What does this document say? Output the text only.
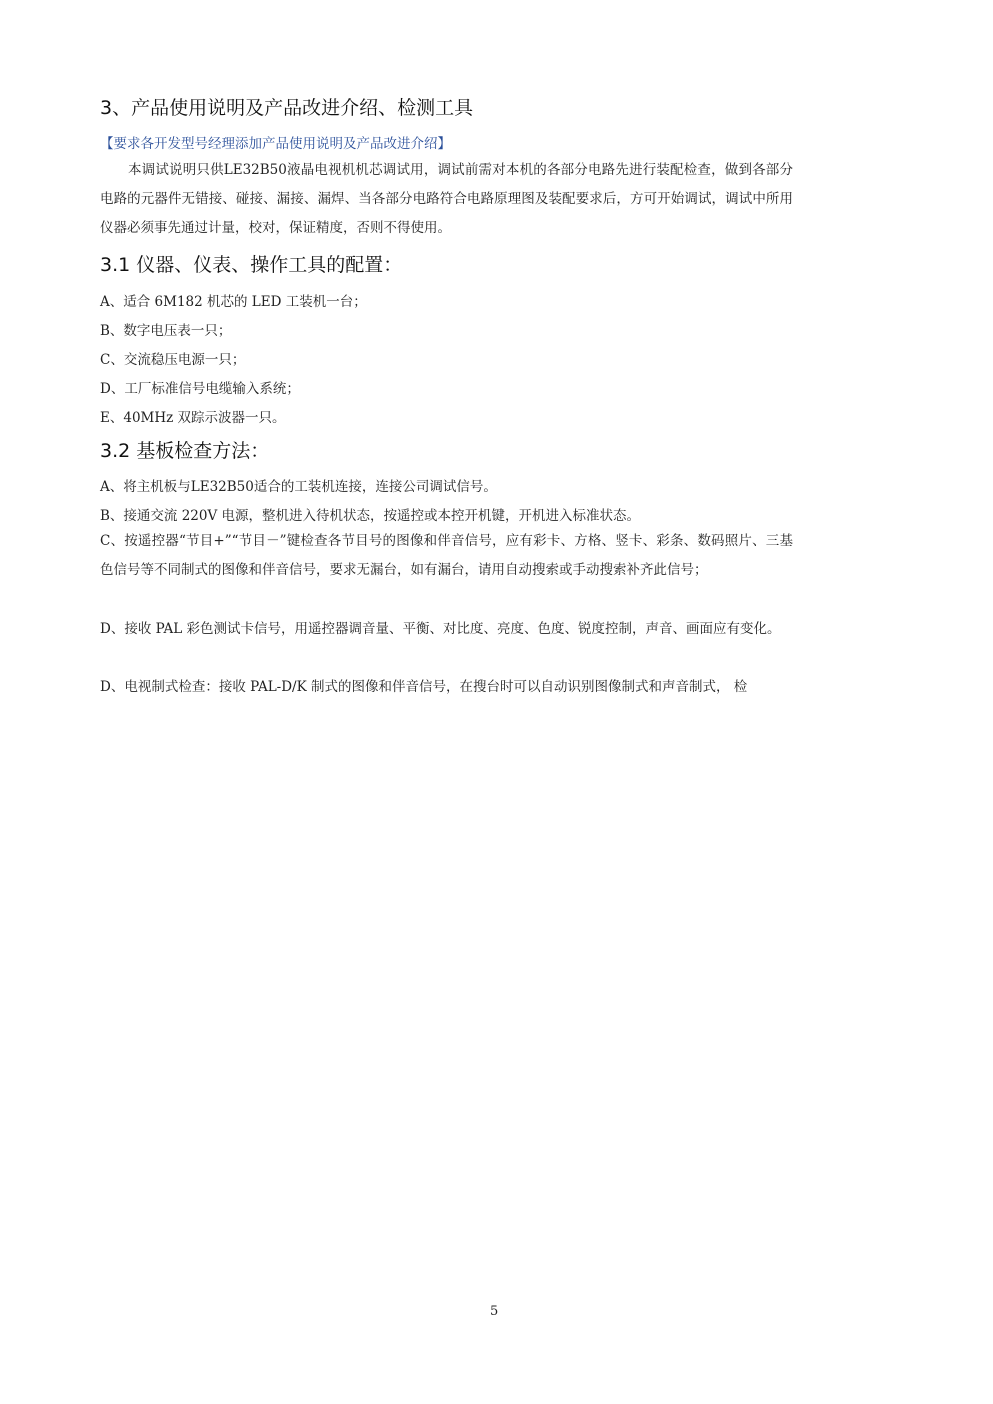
3、产品使用说明及产品改进介绍、检测工具
【要求各开发型号经理添加产品使用说明及产品改进介绍】

本调试说明只供LE32B50液晶电视机机芯调试用，调试前需对本机的各部分电路先进行装配检查，做到各部分电路的元器件无错接、碰接、漏接、漏焊、当各部分电路符合电路原理图及装配要求后，方可开始调试，调试中所用仪器必须事先通过计量，校对，保证精度，否则不得使用。

3.1 仪器、仪表、操作工具的配置：
A、适合 6M182 机芯的 LED 工装机一台；
B、数字电压表一只；
C、交流稳压电源一只；
D、工厂标准信号电缆输入系统；
E、40MHz 双踪示波器一只。
3.2 基板检查方法：
A、将主机板与LE32B50适合的工装机连接，连接公司调试信号。
B、接通交流 220V 电源，整机进入待机状态，按遥控或本控开机键，开机进入标准状态。

C、按遥控器“节目+”“节目－”键检查各节目号的图像和伴音信号，应有彩卡、方格、竖卡、彩条、数码照片、三基色信号等不同制式的图像和伴音信号，要求无漏台，如有漏台，请用自动搜索或手动搜索补齐此信号；

D、接收 PAL 彩色测试卡信号，用遥控器调音量、平衡、对比度、亮度、色度、锐度控制，声音、画面应有变化。

D、电视制式检查：接收 PAL-D/K 制式的图像和伴音信号，在搜台时可以自动识别图像制式和声音制式， 检

5
